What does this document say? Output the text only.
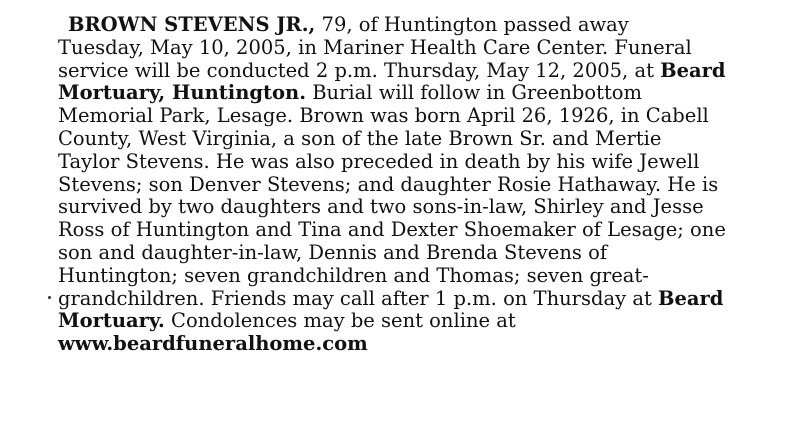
BROWN STEVENS JR., 79, of Huntington passed away
Tuesday, May 10, 2005, in Mariner Health Care Center. Funeral
service will be conducted 2 p.m. Thursday, May 12, 2005, at Beard
Mortuary, Huntington. Burial will follow in Greenbottom
Memorial Park, Lesage. Brown was born April 26, 1926, in Cabell
County, West Virginia, a son of the late Brown Sr. and Mertie
Taylor Stevens. He was also preceded in death by his wife Jewell
Stevens; son Denver Stevens; and daughter Rosie Hathaway. He is
survived by two daughters and two sons-in-law, Shirley and Jesse
Ross of Huntington and Tina and Dexter Shoemaker of Lesage; one
son and daughter-in-law, Dennis and Brenda Stevens of
Huntington; seven grandchildren and Thomas; seven great-
grandchildren. Friends may call after 1 p.m. on Thursday at Beard
Mortuary. Condolences may be sent online at
www.beardfuneralhome.com
